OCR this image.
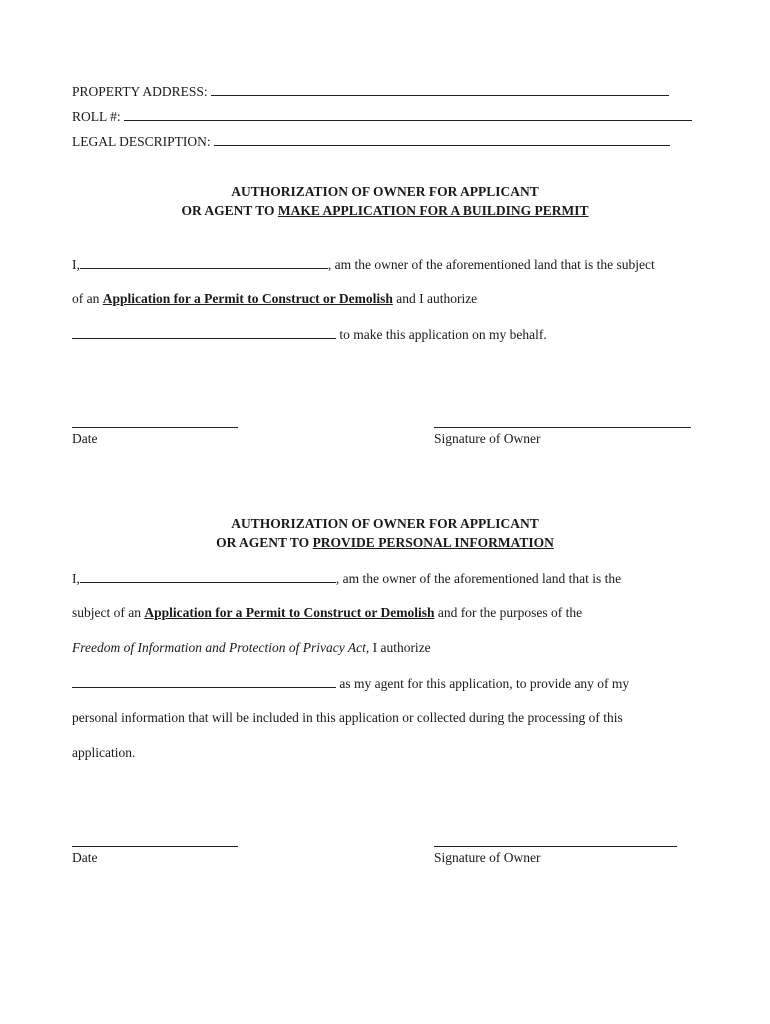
PROPERTY ADDRESS:
ROLL #:
LEGAL DESCRIPTION:
AUTHORIZATION OF OWNER FOR APPLICANT
OR AGENT TO MAKE APPLICATION FOR A BUILDING PERMIT
I,	, am the owner of the aforementioned land that is the subject
of an Application for a Permit to Construct or Demolish and I authorize
to make this application on my behalf.
Date	Signature of Owner
AUTHORIZATION OF OWNER FOR APPLICANT
OR AGENT TO PROVIDE PERSONAL INFORMATION
I,	, am the owner of the aforementioned land that is the
subject of an Application for a Permit to Construct or Demolish and for the purposes of the
Freedom of Information and Protection of Privacy Act, I authorize
as my agent for this application, to provide any of my
personal information that will be included in this application or collected during the processing of this
application.
Date	Signature of Owner
